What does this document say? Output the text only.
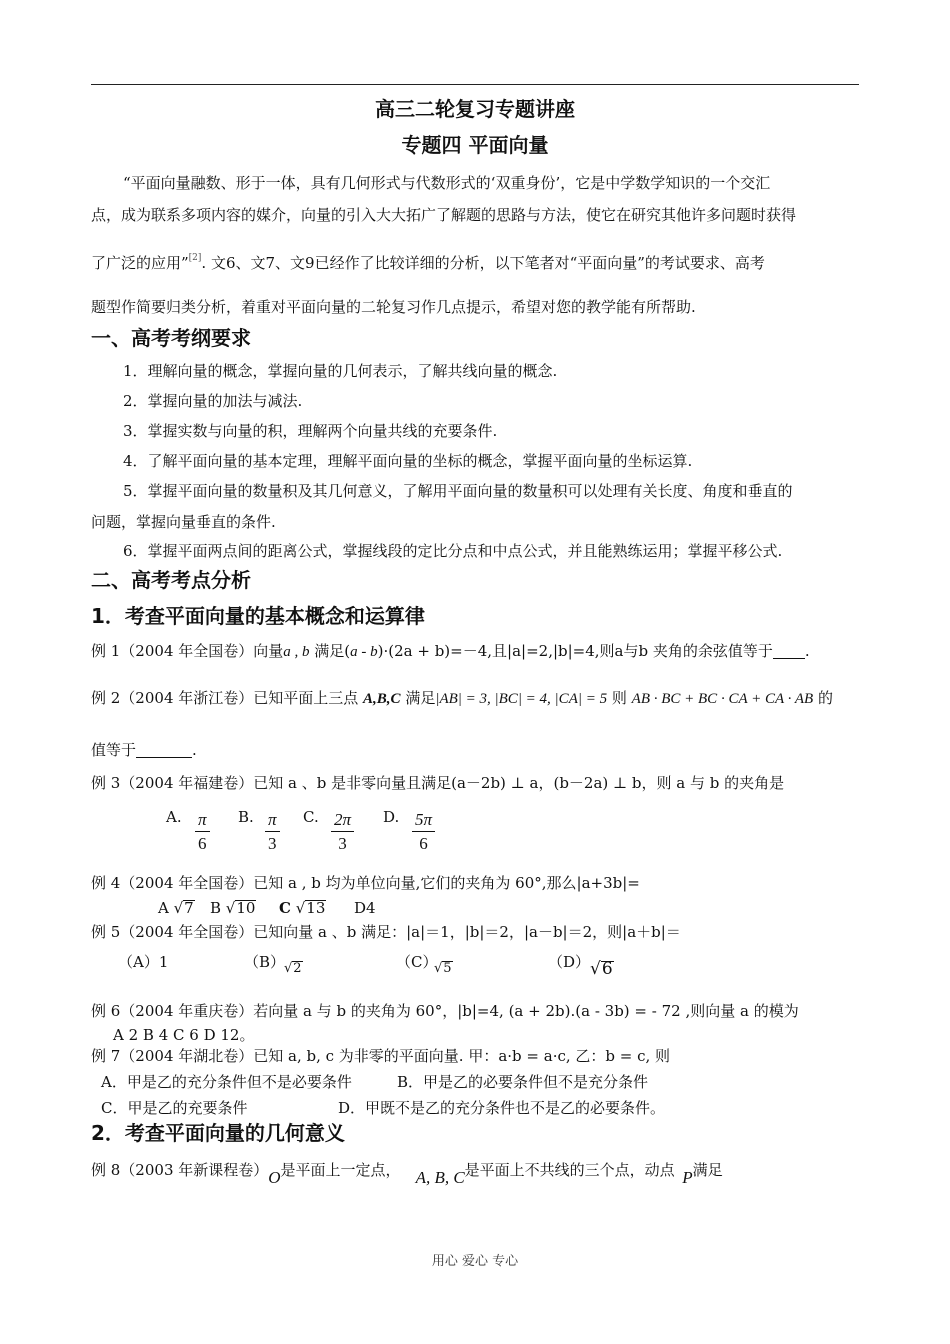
高三二轮复习专题讲座
专题四 平面向量
“平面向量融数、形于一体，具有几何形式与代数形式的‘双重身份’，它是中学数学知识的一个交汇
点，成为联系多项内容的媒介，向量的引入大大拓广了解题的思路与方法，使它在研究其他许多问题时获得
了广泛的应用”[2]. 文6、文7、文9已经作了比较详细的分析，以下笔者对“平面向量”的考试要求、高考
题型作简要归类分析，着重对平面向量的二轮复习作几点提示，希望对您的教学能有所帮助.
一、高考考纲要求
1．理解向量的概念，掌握向量的几何表示，了解共线向量的概念.
2．掌握向量的加法与减法.
3．掌握实数与向量的积，理解两个向量共线的充要条件.
4．了解平面向量的基本定理，理解平面向量的坐标的概念，掌握平面向量的坐标运算.
5．掌握平面向量的数量积及其几何意义，了解用平面向量的数量积可以处理有关长度、角度和垂直的
问题，掌握向量垂直的条件.
6．掌握平面两点间的距离公式，掌握线段的定比分点和中点公式，并且能熟练运用；掌握平移公式.
二、高考考点分析
1．考查平面向量的基本概念和运算律
例 1（2004 年全国卷）向量a , b 满足(a - b)·(2a + b)=－4,且|a|=2,|b|=4,则a与b 夹角的余弦值等于 .
例 2（2004 年浙江卷）已知平面上三点 A,B,C 满足|AB| = 3, |BC| = 4, |CA| = 5 则 AB · BC + BC · CA + CA · AB 的
值等于	.
例 3（2004 年福建卷）已知 a 、b 是非零向量且满足(a－2b) ⊥ a，(b－2a) ⊥ b，则 a 与 b 的夹角是
A. $\frac{\pi}{6} B$. $\frac{\pi}{3} C$. $\frac{2\pi}{3} D$. $\frac{5\pi}{6}$
例 4（2004 年全国卷）已知 a , b 均为单位向量,它们的夹角为 60°,那么|a+3b|=
A √7 B √10 C √13 D4
例 5（2004 年全国卷）已知向量 a 、b 满足：|a|＝1，|b|＝2，|a－b|＝2，则|a＋b|＝
（A）1	（B）
√2	（C）
√5	（D） √6
例 6（2004 年重庆卷）若向量 a 与 b 的夹角为 60°，|b|=4, (a + 2b).(a - 3b) = - 72 ,则向量 a 的模为
A 2 B 4 C 6 D 12。
例 7（2004 年湖北卷）已知 a, b, c 为非零的平面向量. 甲：a·b = a·c, 乙：b = c, 则
A．甲是乙的充分条件但不是必要条件	B．甲是乙的必要条件但不是充分条件
C．甲是乙的充要条件	D．甲既不是乙的充分条件也不是乙的必要条件。
2．考查平面向量的几何意义
例 8（2003 年新课程卷）O是平面上一定点，  A, B, C是平面上不共线的三个点，动点  P满足
用心 爱心 专心
